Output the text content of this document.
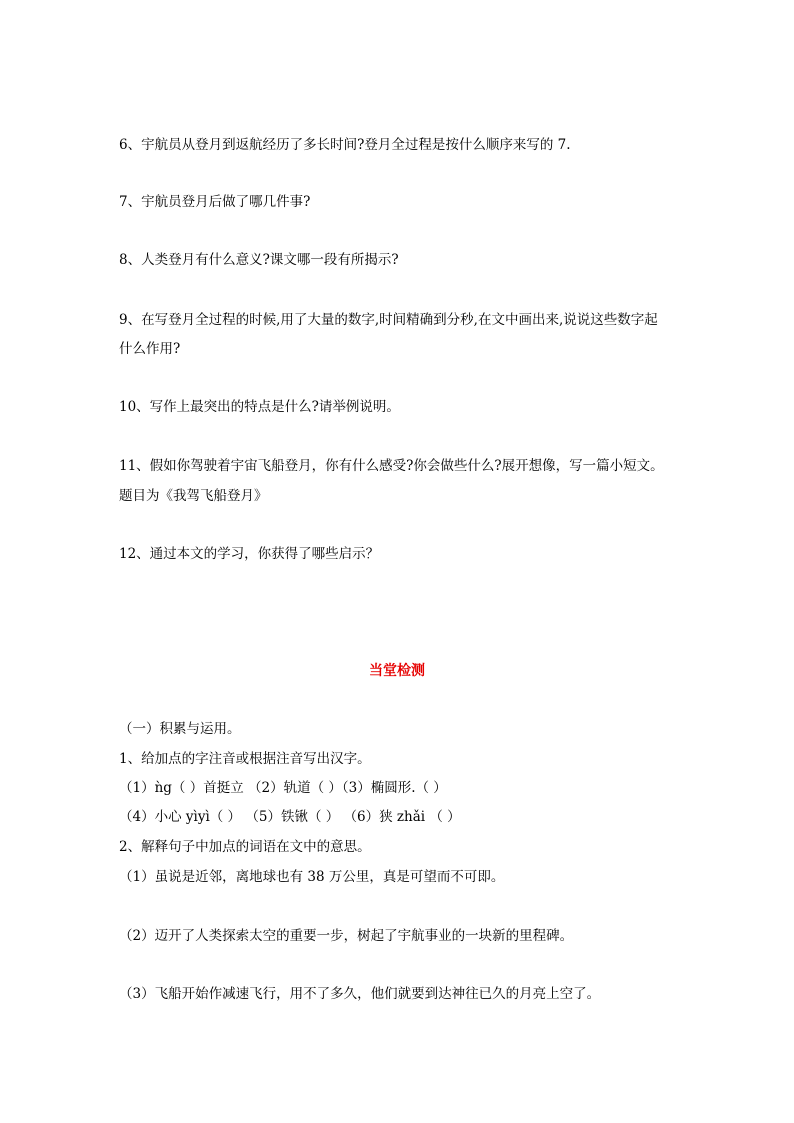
6、宇航员从登月到返航经历了多长时间?登月全过程是按什么顺序来写的 7.
7、宇航员登月后做了哪几件事?
8、人类登月有什么意义?课文哪一段有所揭示?
9、在写登月全过程的时候,用了大量的数字,时间精确到分秒,在文中画出来,说说这些数字起
什么作用?
10、写作上最突出的特点是什么?请举例说明。
11、假如你驾驶着宇宙飞船登月，你有什么感受?你会做些什么?展开想像，写一篇小短文。
题目为《我驾飞船登月》
12、通过本文的学习，你获得了哪些启示？
当堂检测
（一）积累与运用。
1、给加点的字注音或根据注音写出汉字。
（1）ǹg（ ）首挺立 （2）轨道（ ）（3）椭圆形.（ ）
（4）小心 yìyì（ ） （5）铁锹（ ） （6）狭 zhǎi （ ）
2、解释句子中加点的词语在文中的意思。
（1）虽说是近邻，离地球也有 38 万公里，真是可望而不可即。
（2）迈开了人类探索太空的重要一步，树起了宇航事业的一块新的里程碑。
（3）飞船开始作减速飞行，用不了多久，他们就要到达神往已久的月亮上空了。
